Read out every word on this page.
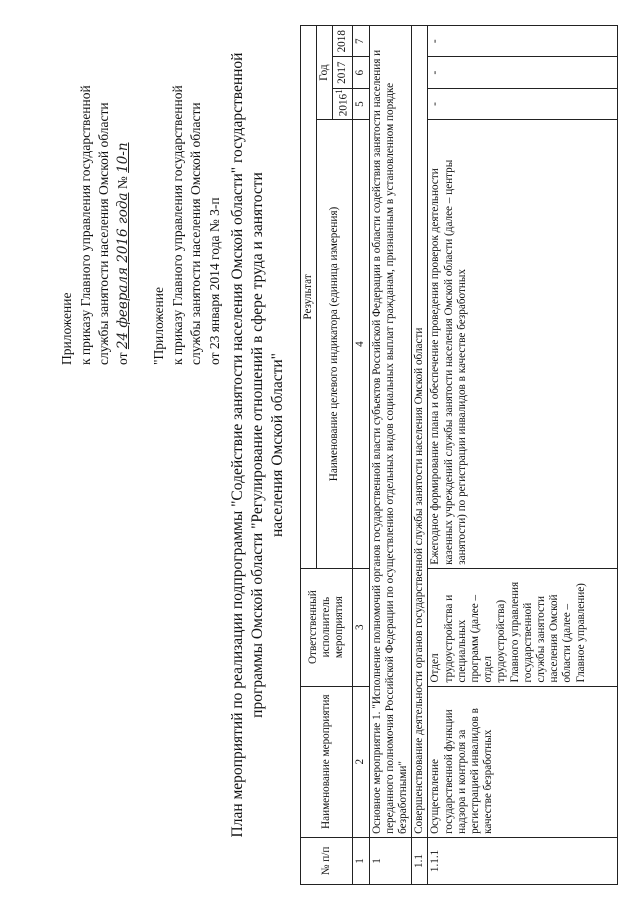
Приложение к приказу Главного управления государственной службы занятости населения Омской области от 24 февраля 2016 года № 10-п
"Приложение к приказу Главного управления государственной службы занятости населения Омской области от 23 января 2014 года № 3-п План мероприятий по реализации подпрограммы "Содействие занятости населения Омской области" государственной программы Омской области "Регулирование отношений в сфере труда и занятости населения Омской области"
№ п/п	Наименование мероприятия	Ответственный исполнитель мероприятия	Результат			
			Наименование целевого индикатора (единица измерения)	Год		
				2016$^1$	2017	2018
1	2	3	4	5	6	7
1	Основное мероприятие 1. "Исполнение полномочий органов государственной власти субъектов Российской Федерации в области содействия занятости населения и переданного полномочия Российской Федерации по осуществлению отдельных видов социальных выплат гражданам, признанным в установленном порядке безработными"					
1.1	Совершенствование деятельности органов государственной службы занятости населения Омской области					
1.1.1	Осуществление государственной функции надзора и контроля за регистрацией инвалидов в качестве безработных	Отдел трудоустройства и специальных программ (далее – отдел трудоустройства) Главного управления государственной службы занятости населения Омской области (далее – Главное управление)	Ежегодное формирование плана и обеспечение проведения проверок деятельности казенных учреждений службы занятости населения Омской области (далее – центры занятости) по регистрации инвалидов в качестве безработных	-	-	-
